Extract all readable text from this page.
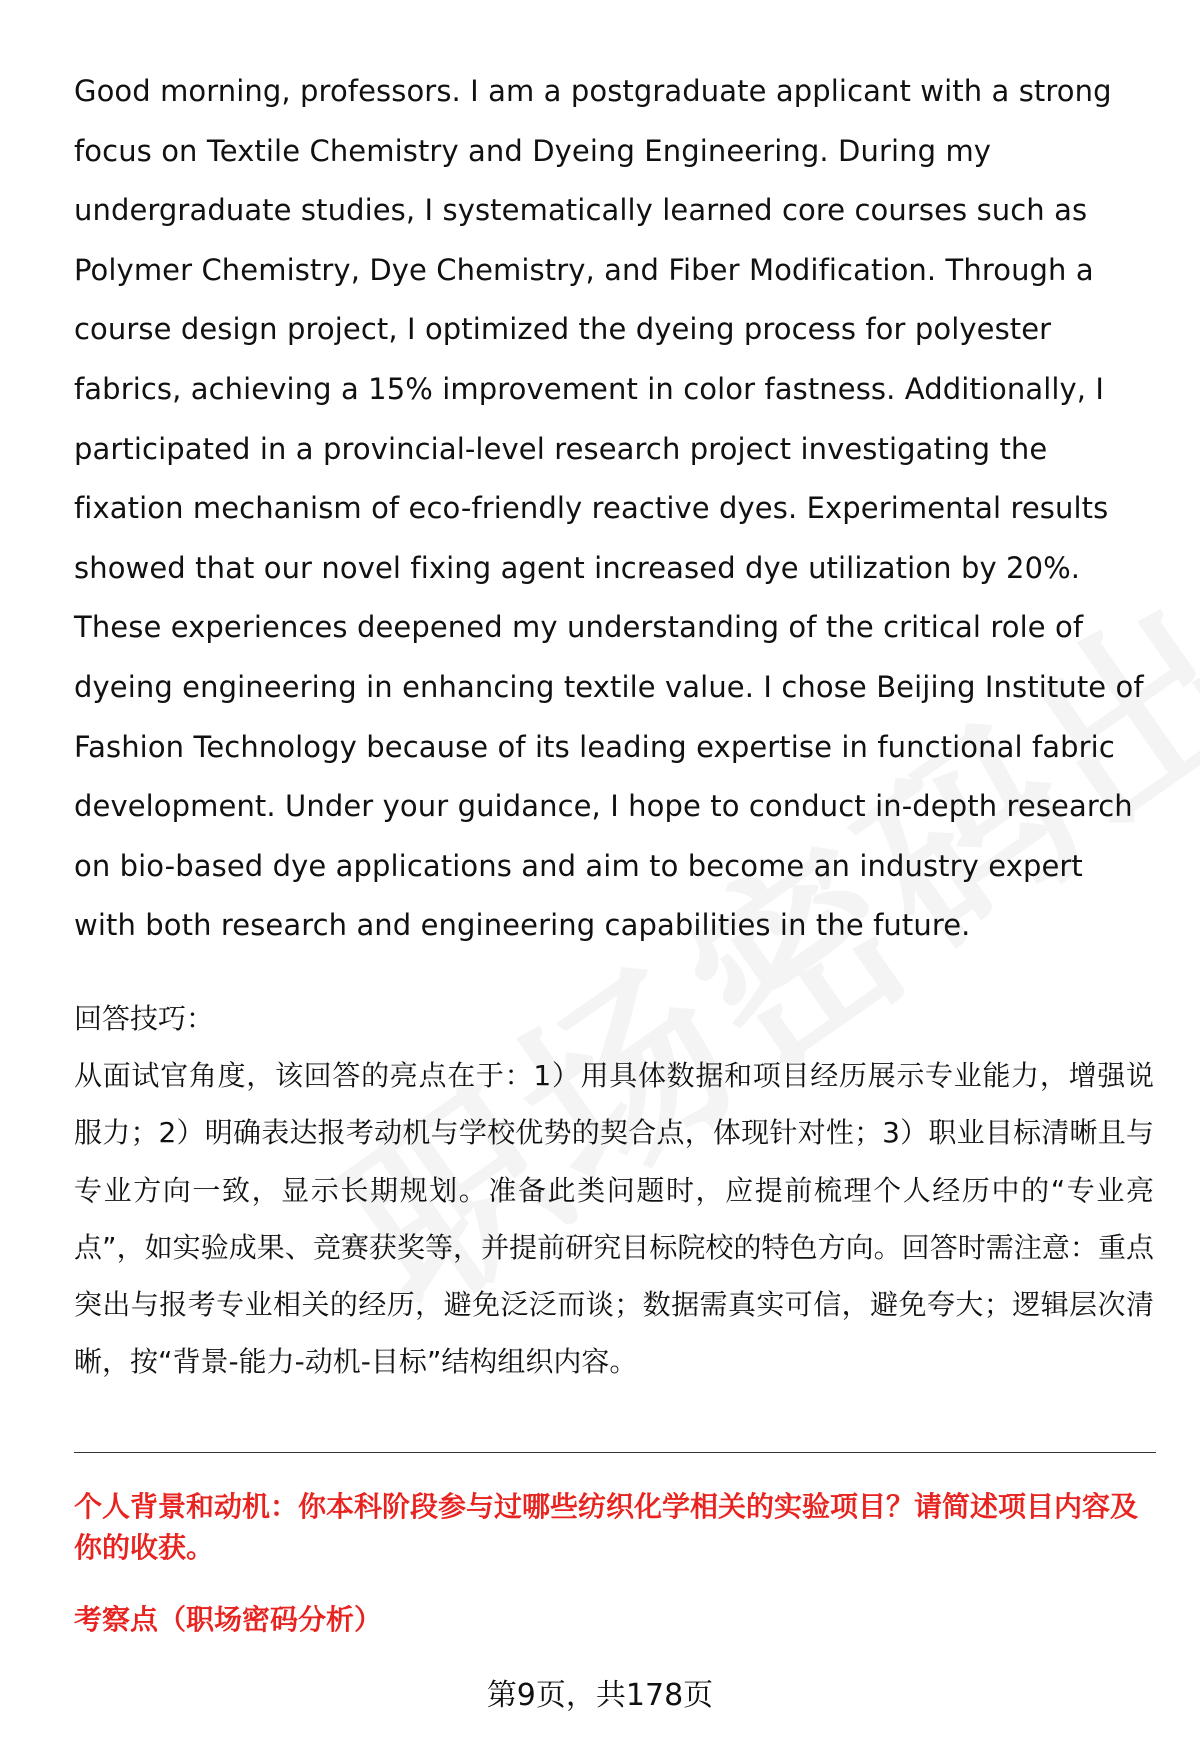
Good morning, professors. I am a postgraduate applicant with a strong focus on Textile Chemistry and Dyeing Engineering. During my undergraduate studies, I systematically learned core courses such as Polymer Chemistry, Dye Chemistry, and Fiber Modification. Through a course design project, I optimized the dyeing process for polyester fabrics, achieving a 15% improvement in color fastness. Additionally, I participated in a provincial-level research project investigating the fixation mechanism of eco-friendly reactive dyes. Experimental results showed that our novel fixing agent increased dye utilization by 20%. These experiences deepened my understanding of the critical role of dyeing engineering in enhancing textile value. I chose Beijing Institute of Fashion Technology because of its leading expertise in functional fabric development. Under your guidance, I hope to conduct in-depth research on bio-based dye applications and aim to become an industry expert with both research and engineering capabilities in the future.

回答技巧：

从面试官角度，该回答的亮点在于：1）用具体数据和项目经历展示专业能力，增强说服力；2）明确表达报考动机与学校优势的契合点，体现针对性；3）职业目标清晰且与专业方向一致，显示长期规划。准备此类问题时，应提前梳理个人经历中的“专业亮点”，如实验成果、竞赛获奖等，并提前研究目标院校的特色方向。回答时需注意：重点突出与报考专业相关的经历，避免泛泛而谈；数据需真实可信，避免夸大；逻辑层次清晰，按“背景-能力-动机-目标”结构组织内容。

个人背景和动机：你本科阶段参与过哪些纺织化学相关的实验项目？请简述项目内容及你的收获。

考察点（职场密码分析）

第9页，共178页
